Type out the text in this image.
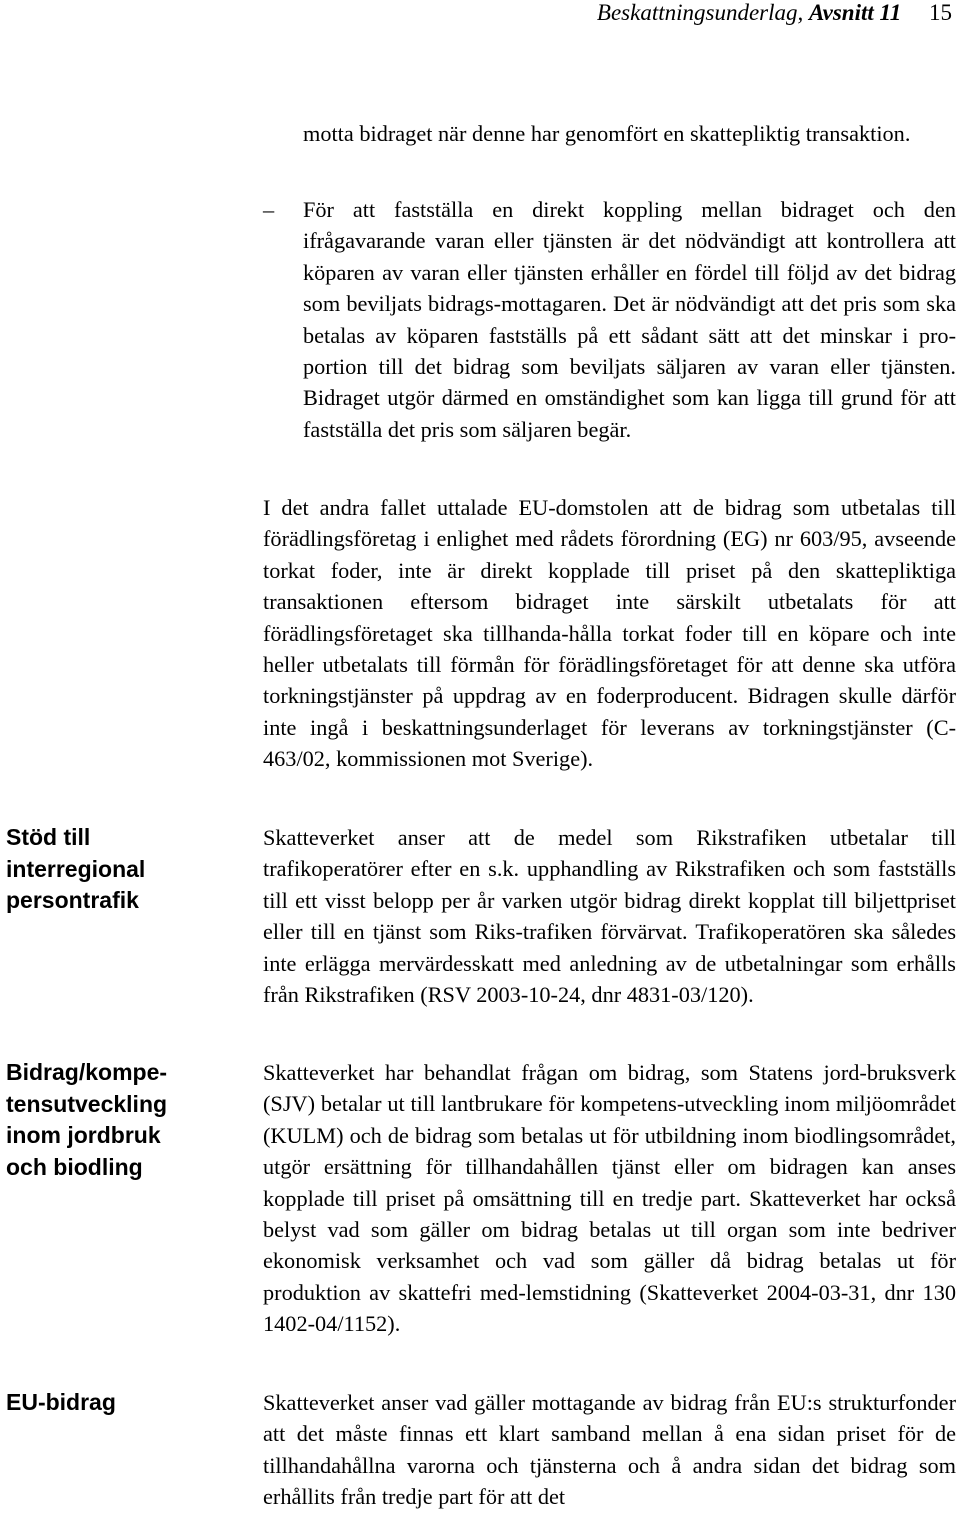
Beskattningsunderlag, Avsnitt 11 15

motta bidraget när denne har genomfört en skattepliktig transaktion.

– För att fastställa en direkt koppling mellan bidraget och den ifrågavarande varan eller tjänsten är det nödvändigt att kontrollera att köparen av varan eller tjänsten erhåller en fördel till följd av det bidrag som beviljats bidrags-mottagaren. Det är nödvändigt att det pris som ska betalas av köparen fastställs på ett sådant sätt att det minskar i pro-portion till det bidrag som beviljats säljaren av varan eller tjänsten. Bidraget utgör därmed en omständighet som kan ligga till grund för att fastställa det pris som säljaren begär.

I det andra fallet uttalade EU-domstolen att de bidrag som utbetalas till förädlingsföretag i enlighet med rådets förordning (EG) nr 603/95, avseende torkat foder, inte är direkt kopplade till priset på den skattepliktiga transaktionen eftersom bidraget inte särskilt utbetalats för att förädlingsföretaget ska tillhanda-hålla torkat foder till en köpare och inte heller utbetalats till förmån för förädlingsföretaget för att denne ska utföra torkningstjänster på uppdrag av en foderproducent. Bidragen skulle därför inte ingå i beskattningsunderlaget för leverans av torkningstjänster (C-463/02, kommissionen mot Sverige).

Skatteverket anser att de medel som Rikstrafiken utbetalar till trafikoperatörer efter en s.k. upphandling av Rikstrafiken och som fastställs till ett visst belopp per år varken utgör bidrag direkt kopplat till biljettpriset eller till en tjänst som Riks-trafiken förvärvat. Trafikoperatören ska således inte erlägga mervärdesskatt med anledning av de utbetalningar som erhålls från Rikstrafiken (RSV 2003-10-24, dnr 4831-03/120).

Skatteverket har behandlat frågan om bidrag, som Statens jord-bruksverk (SJV) betalar ut till lantbrukare för kompetens-utveckling inom miljöområdet (KULM) och de bidrag som betalas ut för utbildning inom biodlingsområdet, utgör ersättning för tillhandahållen tjänst eller om bidragen kan anses kopplade till priset på omsättning till en tredje part. Skatteverket har också belyst vad som gäller om bidrag betalas ut till organ som inte bedriver ekonomisk verksamhet och vad som gäller då bidrag betalas ut för produktion av skattefri med-lemstidning (Skatteverket 2004-03-31, dnr 130 1402-04/1152).

Skatteverket anser vad gäller mottagande av bidrag från EU:s strukturfonder att det måste finnas ett klart samband mellan å ena sidan priset för de tillhandahållna varorna och tjänsterna och å andra sidan det bidrag som erhållits från tredje part för att det

Stöd till interregional persontrafik

Bidrag/kompe-tensutveckling inom jordbruk och biodling

EU-bidrag
